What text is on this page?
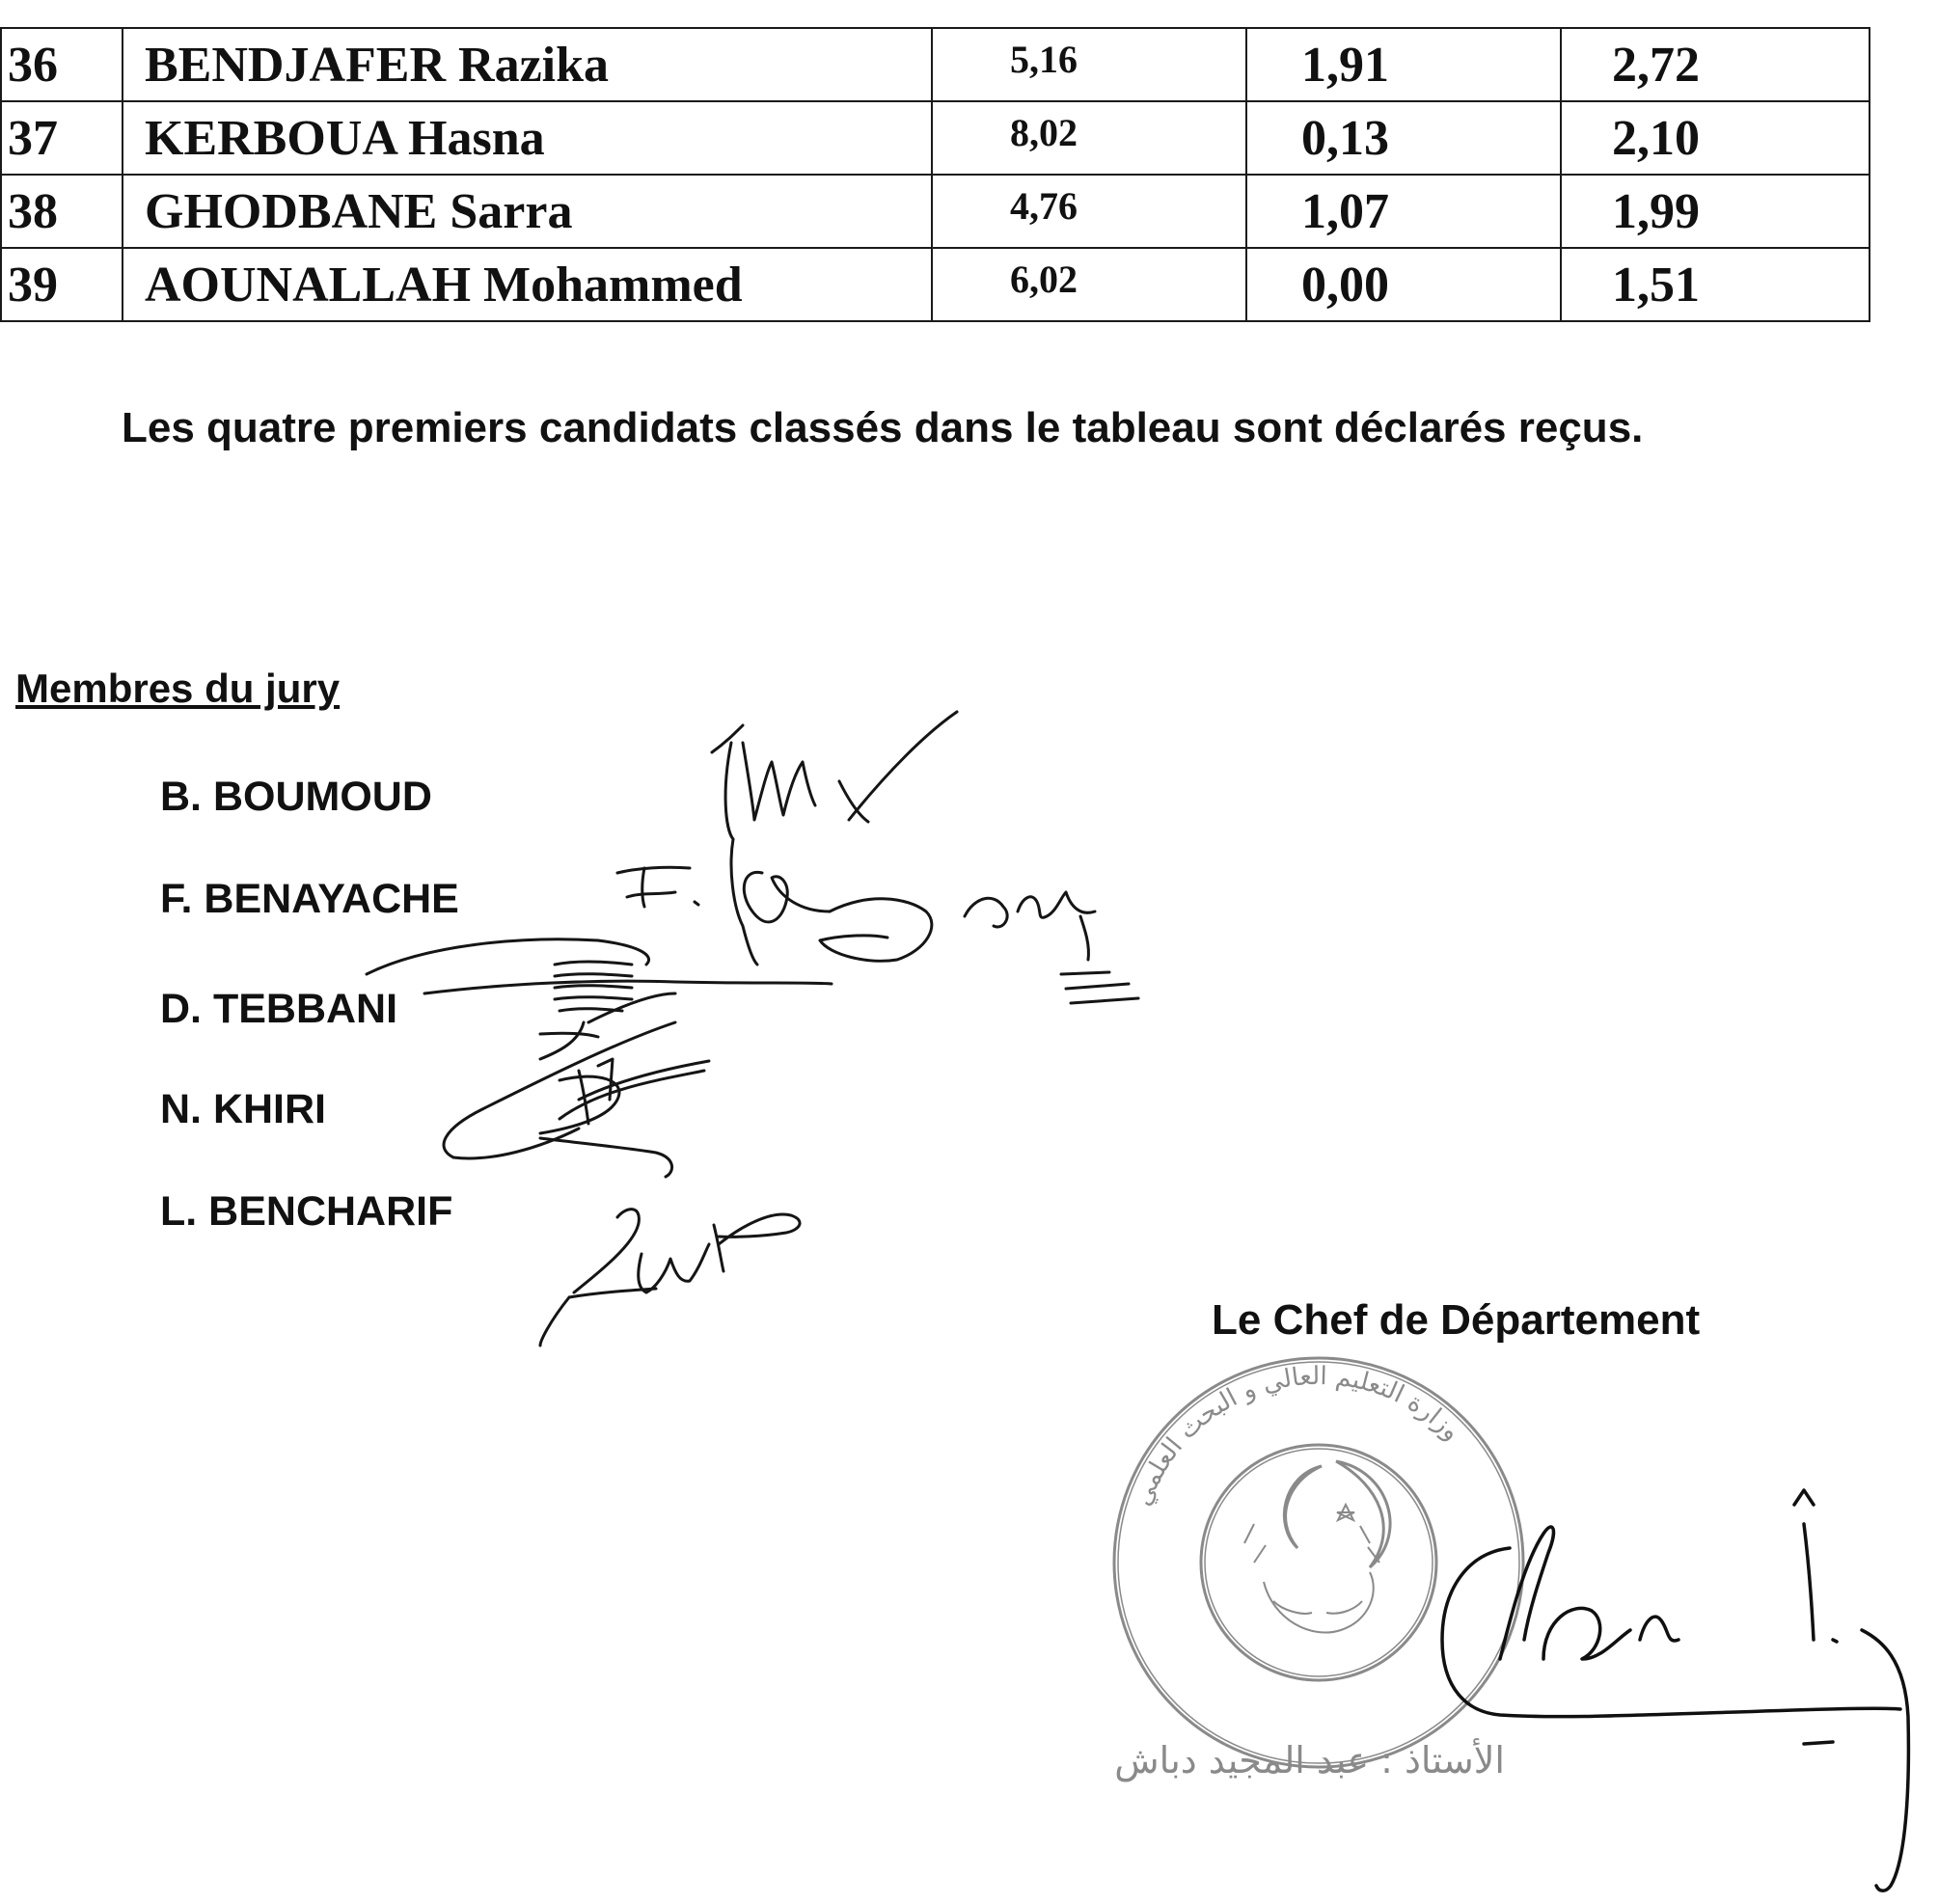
36	BENDJAFER Razika	5,16	1,91	2,72
37	KERBOUA Hasna	8,02	0,13	2,10
38	GHODBANE Sarra	4,76	1,07	1,99
39	AOUNALLAH Mohammed	6,02	0,00	1,51
Les quatre premiers candidats classés dans le tableau sont déclarés reçus.
Membres du jury
B. BOUMOUD
F. BENAYACHE
D. TEBBANI
N. KHIRI
L. BENCHARIF
Le Chef de Département
وزارة التعليم العالي و البحث العلمي
الأستاذ : عبد المجيد دباش
